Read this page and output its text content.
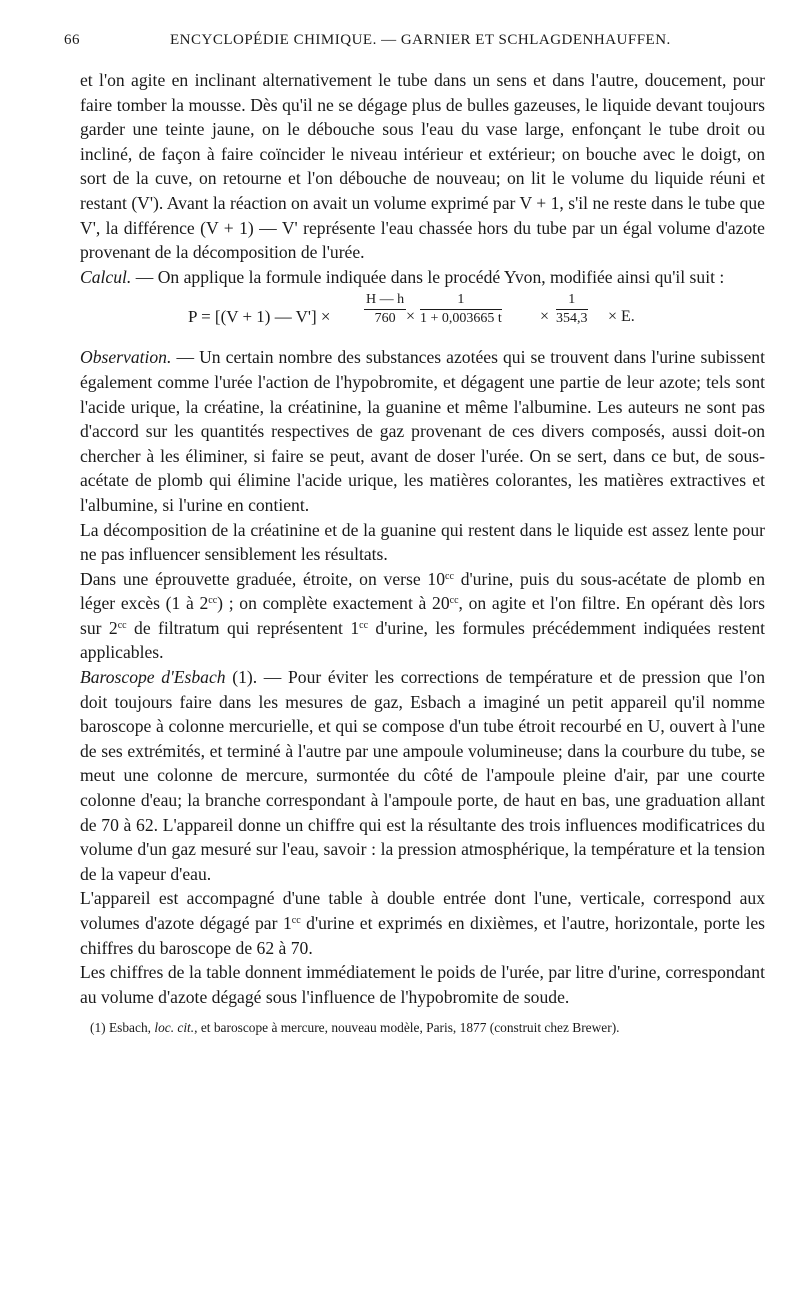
66	ENCYCLOPÉDIE CHIMIQUE. — GARNIER ET SCHLAGDENHAUFFEN.

et l'on agite en inclinant alternativement le tube dans un sens et dans l'autre, doucement, pour faire tomber la mousse. Dès qu'il ne se dégage plus de bulles gazeuses, le liquide devant toujours garder une teinte jaune, on le débouche sous l'eau du vase large, enfonçant le tube droit ou incliné, de façon à faire coïncider le niveau intérieur et extérieur; on bouche avec le doigt, on sort de la cuve, on retourne et l'on débouche de nouveau; on lit le volume du liquide réuni et restant (V'). Avant la réaction on avait un volume exprimé par V + 1, s'il ne reste dans le tube que V', la différence (V + 1) — V' représente l'eau chassée hors du tube par un égal volume d'azote provenant de la décomposition de l'urée.

Calcul. — On applique la formule indiquée dans le procédé Yvon, modifiée ainsi qu'il suit :

P = [(V + 1) — $V'] \times \frac{H — h}{760} \times \frac{1}{1 + 0,003665 t} \times \frac{1}{354,3} \times E$.

Observation. — Un certain nombre des substances azotées qui se trouvent dans l'urine subissent également comme l'urée l'action de l'hypobromite, et dégagent une partie de leur azote; tels sont l'acide urique, la créatine, la créatinine, la guanine et même l'albumine. Les auteurs ne sont pas d'accord sur les quantités respectives de gaz provenant de ces divers composés, aussi doit-on chercher à les éliminer, si faire se peut, avant de doser l'urée. On se sert, dans ce but, de sous-acétate de plomb qui élimine l'acide urique, les matières colorantes, les matières extractives et l'albumine, si l'urine en contient.

La décomposition de la créatinine et de la guanine qui restent dans le liquide est assez lente pour ne pas influencer sensiblement les résultats.

Dans une éprouvette graduée, étroite, on verse $10^{cc}$ d'urine, puis du sous-acétate de plomb en léger excès (1 à $2^{cc}$) ; on complète exactement à $20^{cc}$, on agite et l'on filtre. En opérant dès lors sur $2^{cc}$ de filtratum qui représentent $1^{cc}$ d'urine, les formules précédemment indiquées restent applicables.

Baroscope d'Esbach (1). — Pour éviter les corrections de température et de pression que l'on doit toujours faire dans les mesures de gaz, Esbach a imaginé un petit appareil qu'il nomme baroscope à colonne mercurielle, et qui se compose d'un tube étroit recourbé en U, ouvert à l'une de ses extrémités, et terminé à l'autre par une ampoule volumineuse; dans la courbure du tube, se meut une colonne de mercure, surmontée du côté de l'ampoule pleine d'air, par une courte colonne d'eau; la branche correspondant à l'ampoule porte, de haut en bas, une graduation allant de 70 à 62. L'appareil donne un chiffre qui est la résultante des trois influences modificatrices du volume d'un gaz mesuré sur l'eau, savoir : la pression atmosphérique, la température et la tension de la vapeur d'eau.

L'appareil est accompagné d'une table à double entrée dont l'une, verticale, correspond aux volumes d'azote dégagé par $1^{cc}$ d'urine et exprimés en dixièmes, et l'autre, horizontale, porte les chiffres du baroscope de 62 à 70.

Les chiffres de la table donnent immédiatement le poids de l'urée, par litre d'urine, correspondant au volume d'azote dégagé sous l'influence de l'hypobromite de soude.

(1) Esbach, loc. cit., et baroscope à mercure, nouveau modèle, Paris, 1877 (construit chez Brewer).
